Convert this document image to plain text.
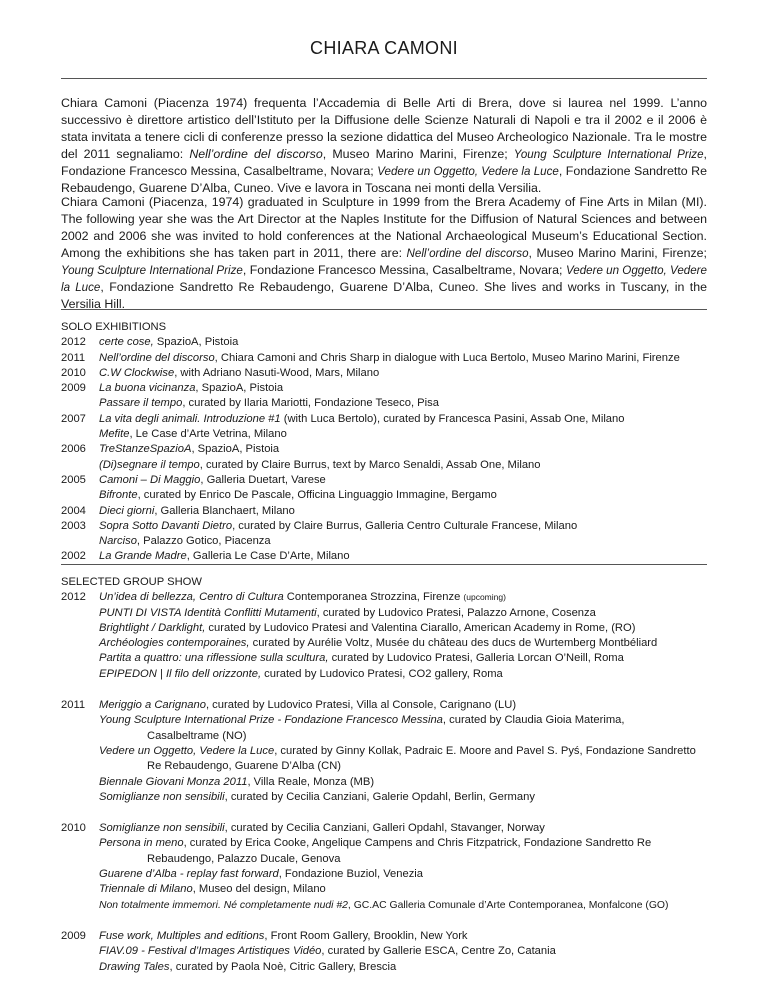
CHIARA CAMONI

Chiara Camoni (Piacenza 1974) frequenta l’Accademia di Belle Arti di Brera, dove si laurea nel 1999. L’anno successivo è direttore artistico dell’Istituto per la Diffusione delle Scienze Naturali di Napoli e tra il 2002 e il 2006 è stata invitata a tenere cicli di conferenze presso la sezione didattica del Museo Archeologico Nazionale. Tra le mostre del 2011 segnaliamo: Nell’ordine del discorso, Museo Marino Marini, Firenze; Young Sculpture International Prize, Fondazione Francesco Messina, Casalbeltrame, Novara; Vedere un Oggetto, Vedere la Luce, Fondazione Sandretto Re Rebaudengo, Guarene D’Alba, Cuneo. Vive e lavora in Toscana nei monti della Versilia.

Chiara Camoni (Piacenza, 1974) graduated in Sculpture in 1999 from the Brera Academy of Fine Arts in Milan (MI). The following year she was the Art Director at the Naples Institute for the Diffusion of Natural Sciences and between 2002 and 2006 she was invited to hold conferences at the National Archaeological Museum’s Educational Section. Among the exhibitions she has taken part in 2011, there are: Nell’ordine del discorso, Museo Marino Marini, Firenze; Young Sculpture International Prize, Fondazione Francesco Messina, Casalbeltrame, Novara; Vedere un Oggetto, Vedere la Luce, Fondazione Sandretto Re Rebaudengo, Guarene D’Alba, Cuneo. She lives and works in Tuscany, in the Versilia Hill.

SOLO EXHIBITIONS

2012	certe cose, SpazioA, Pistoia
2011	Nell’ordine del discorso, Chiara Camoni and Chris Sharp in dialogue with Luca Bertolo, Museo Marino Marini, Firenze
2010	C.W Clockwise, with Adriano Nasuti-Wood, Mars, Milano
2009	La buona vicinanza, SpazioA, Pistoia
Passare il tempo, curated by Ilaria Mariotti, Fondazione Teseco, Pisa
2007	La vita degli animali. Introduzione #1 (with Luca Bertolo), curated by Francesca Pasini, Assab One, Milano
Mefite, Le Case d’Arte Vetrina, Milano
2006	TreStanzeSpazioA, SpazioA, Pistoia
(Di)segnare il tempo, curated by Claire Burrus, text by Marco Senaldi, Assab One, Milano
2005	Camoni – Di Maggio, Galleria Duetart, Varese
Bifronte, curated by Enrico De Pascale, Officina Linguaggio Immagine, Bergamo
2004	Dieci giorni, Galleria Blanchaert, Milano
2003	Sopra Sotto Davanti Dietro, curated by Claire Burrus, Galleria Centro Culturale Francese, Milano
Narciso, Palazzo Gotico, Piacenza
2002	La Grande Madre, Galleria Le Case D’Arte, Milano

SELECTED GROUP SHOW

2012	Un’idea di bellezza, Centro di Cultura Contemporanea Strozzina, Firenze (upcoming)
PUNTI DI VISTA Identità Conflitti Mutamenti, curated by Ludovico Pratesi, Palazzo Arnone, Cosenza
Brightlight / Darklight, curated by Ludovico Pratesi and Valentina Ciarallo, American Academy in Rome, (RO)
Archéologies contemporaines, curated by Aurélie Voltz, Musée du château des ducs de Wurtemberg Montbéliard
Partita a quattro: una riflessione sulla scultura, curated by Ludovico Pratesi, Galleria Lorcan O’Neill, Roma
EPIPEDON | Il filo dell orizzonte, curated by Ludovico Pratesi, CO2 gallery, Roma
2011	Meriggio a Carignano, curated by Ludovico Pratesi, Villa al Console, Carignano (LU)
Young Sculpture International Prize - Fondazione Francesco Messina, curated by Claudia Gioia Materima,
Casalbeltrame (NO)
Vedere un Oggetto, Vedere la Luce, curated by Ginny Kollak, Padraic E. Moore and Pavel S. Pyś, Fondazione Sandretto
Re Rebaudengo, Guarene D’Alba (CN)
Biennale Giovani Monza 2011, Villa Reale, Monza (MB)
Somiglianze non sensibili, curated by Cecilia Canziani, Galerie Opdahl, Berlin, Germany
2010	Somiglianze non sensibili, curated by Cecilia Canziani, Galleri Opdahl, Stavanger, Norway
Persona in meno, curated by Erica Cooke, Angelique Campens and Chris Fitzpatrick, Fondazione Sandretto Re
Rebaudengo, Palazzo Ducale, Genova
Guarene d’Alba - replay fast forward, Fondazione Buziol, Venezia
Triennale di Milano, Museo del design, Milano
Non totalmente immemori. Né completamente nudi #2, GC.AC Galleria Comunale d’Arte Contemporanea, Monfalcone (GO)
2009	Fuse work, Multiples and editions, Front Room Gallery, Brooklin, New York
FIAV.09 - Festival d’Images Artistiques Vidéo, curated by Gallerie ESCA, Centre Zo, Catania
Drawing Tales, curated by Paola Noè, Citric Gallery, Brescia
